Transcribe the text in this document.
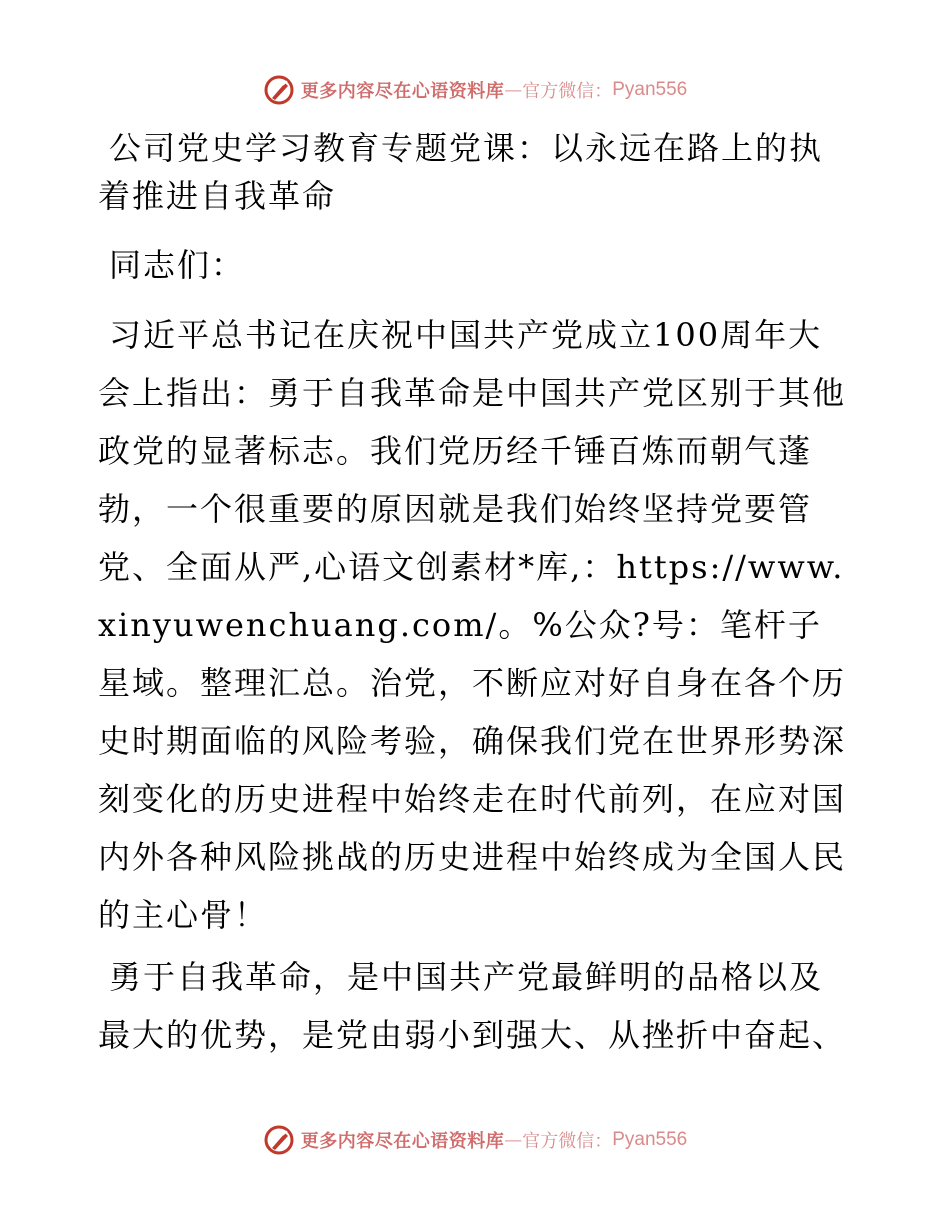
更多内容尽在心语资料库 — 官方微信： Pyan556
公司党史学习教育专题党课：以永远在路上的执着推进自我革命
同志们：
习近平总书记在庆祝中国共产党成立100周年大会上指出：勇于自我革命是中国共产党区别于其他政党的显著标志。我们党历经千锤百炼而朝气蓬勃，一个很重要的原因就是我们始终坚持党要管党、全面从严,心语文创素材*库,：https://www.xinyuwenchuang.com/。%公众?号：笔杆子星域。整理汇总。治党，不断应对好自身在各个历史时期面临的风险考验，确保我们党在世界形势深刻变化的历史进程中始终走在时代前列，在应对国内外各种风险挑战的历史进程中始终成为全国人民的主心骨！
勇于自我革命，是中国共产党最鲜明的品格以及最大的优势，是党由弱小到强大、从挫折中奋起、
更多内容尽在心语资料库 — 官方微信： Pyan556
